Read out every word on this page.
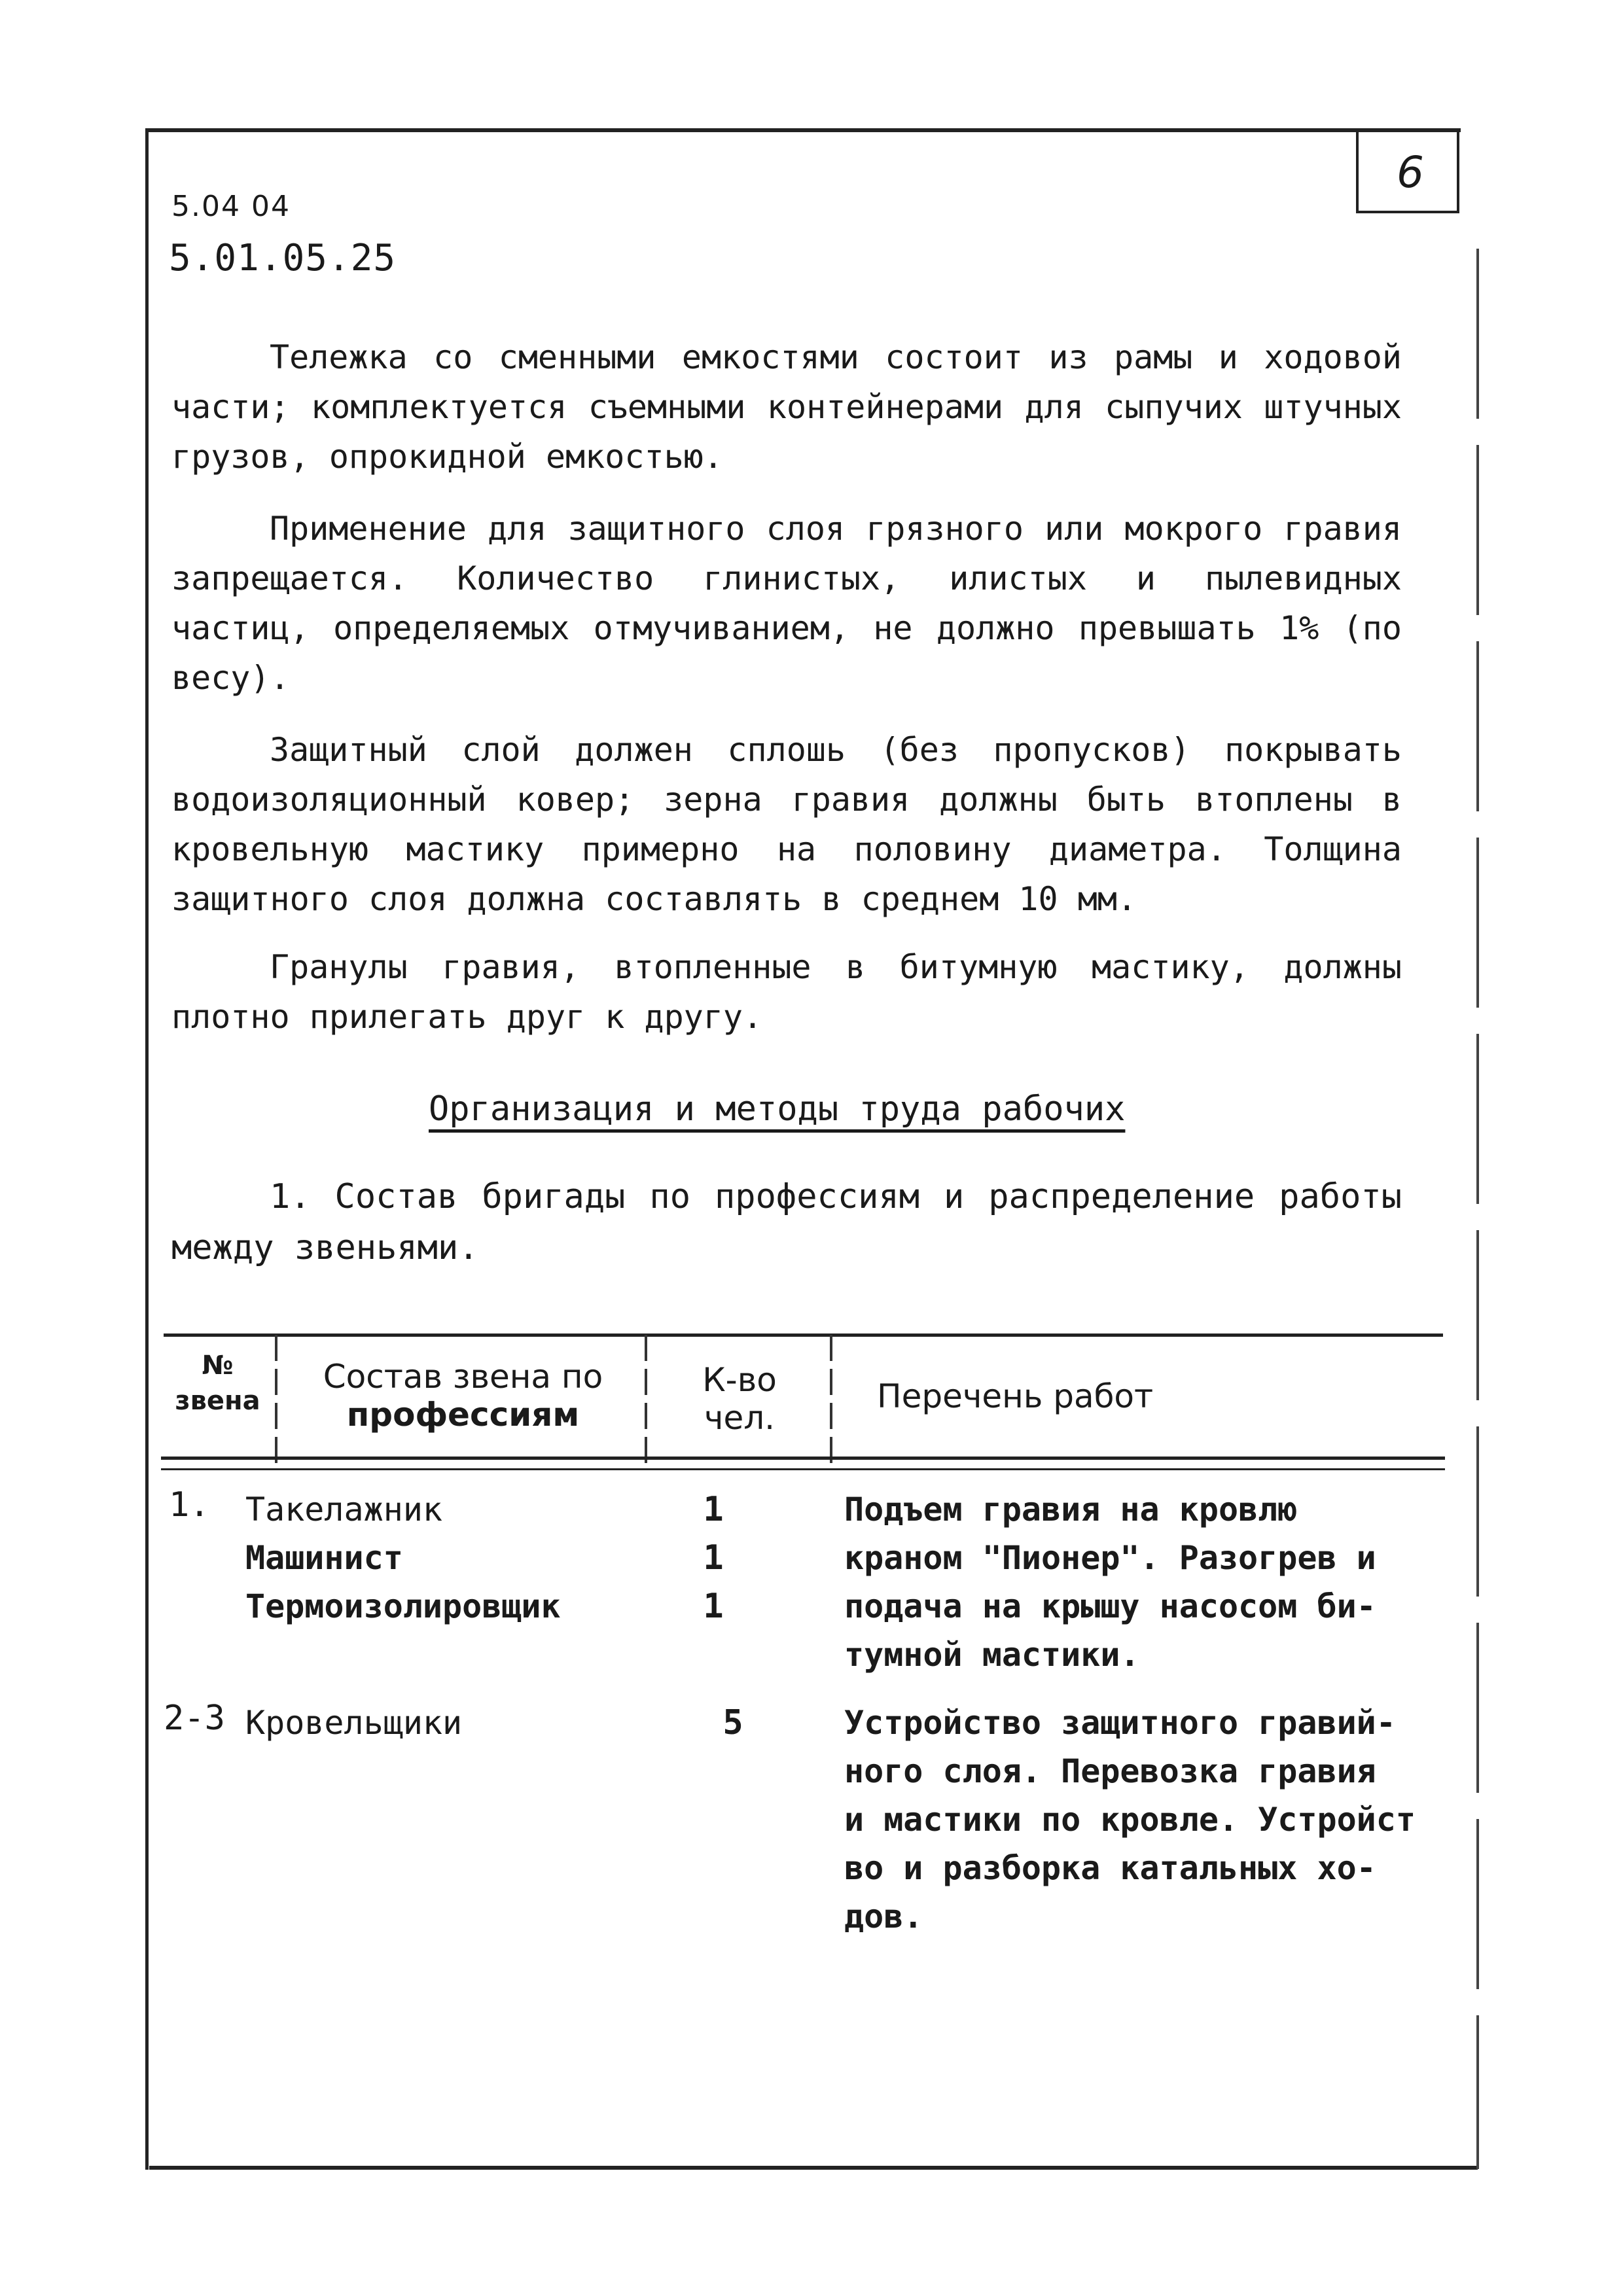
6
5.04 04
5.01.05.25

Тележка со сменными емкостями состоит из рамы и ходовой части; комплектуется съемными контейнерами для сыпучих штучных грузов, опрокидной емкостью.

Применение для защитного слоя грязного или мокрого гравия запрещается. Количество глинистых, илистых и пылевидных частиц, определяемых отмучиванием, не должно превышать 1% (по весу).

Защитный слой должен сплошь (без пропусков) покрывать водоизоляционный ковер; зерна гравия должны быть втоплены в кровельную мастику примерно на половину диаметра. Толщина защитного слоя должна составлять в среднем 10 мм.

Гранулы гравия, втопленные в битумную мастику, должны плотно прилегать друг к другу.

Организация и методы труда рабочих

1. Состав бригады по профессиям и распределение работы между звеньями.

№
звена
Состав звена по
профессиям
К-во
чел.
Перечень работ
1. Такелажник
Машинист
Термоизолировщик
1
1
1
Подъем гравия на кровлю
краном "Пионер". Разогрев и
подача на крышу насосом би-
тумной мастики.
2-3 Кровельщики	5	Устройство защитного гравий-
ного слоя. Перевозка гравия
и мастики по кровле. Устройст
во и разборка катальных хо-
дов.
